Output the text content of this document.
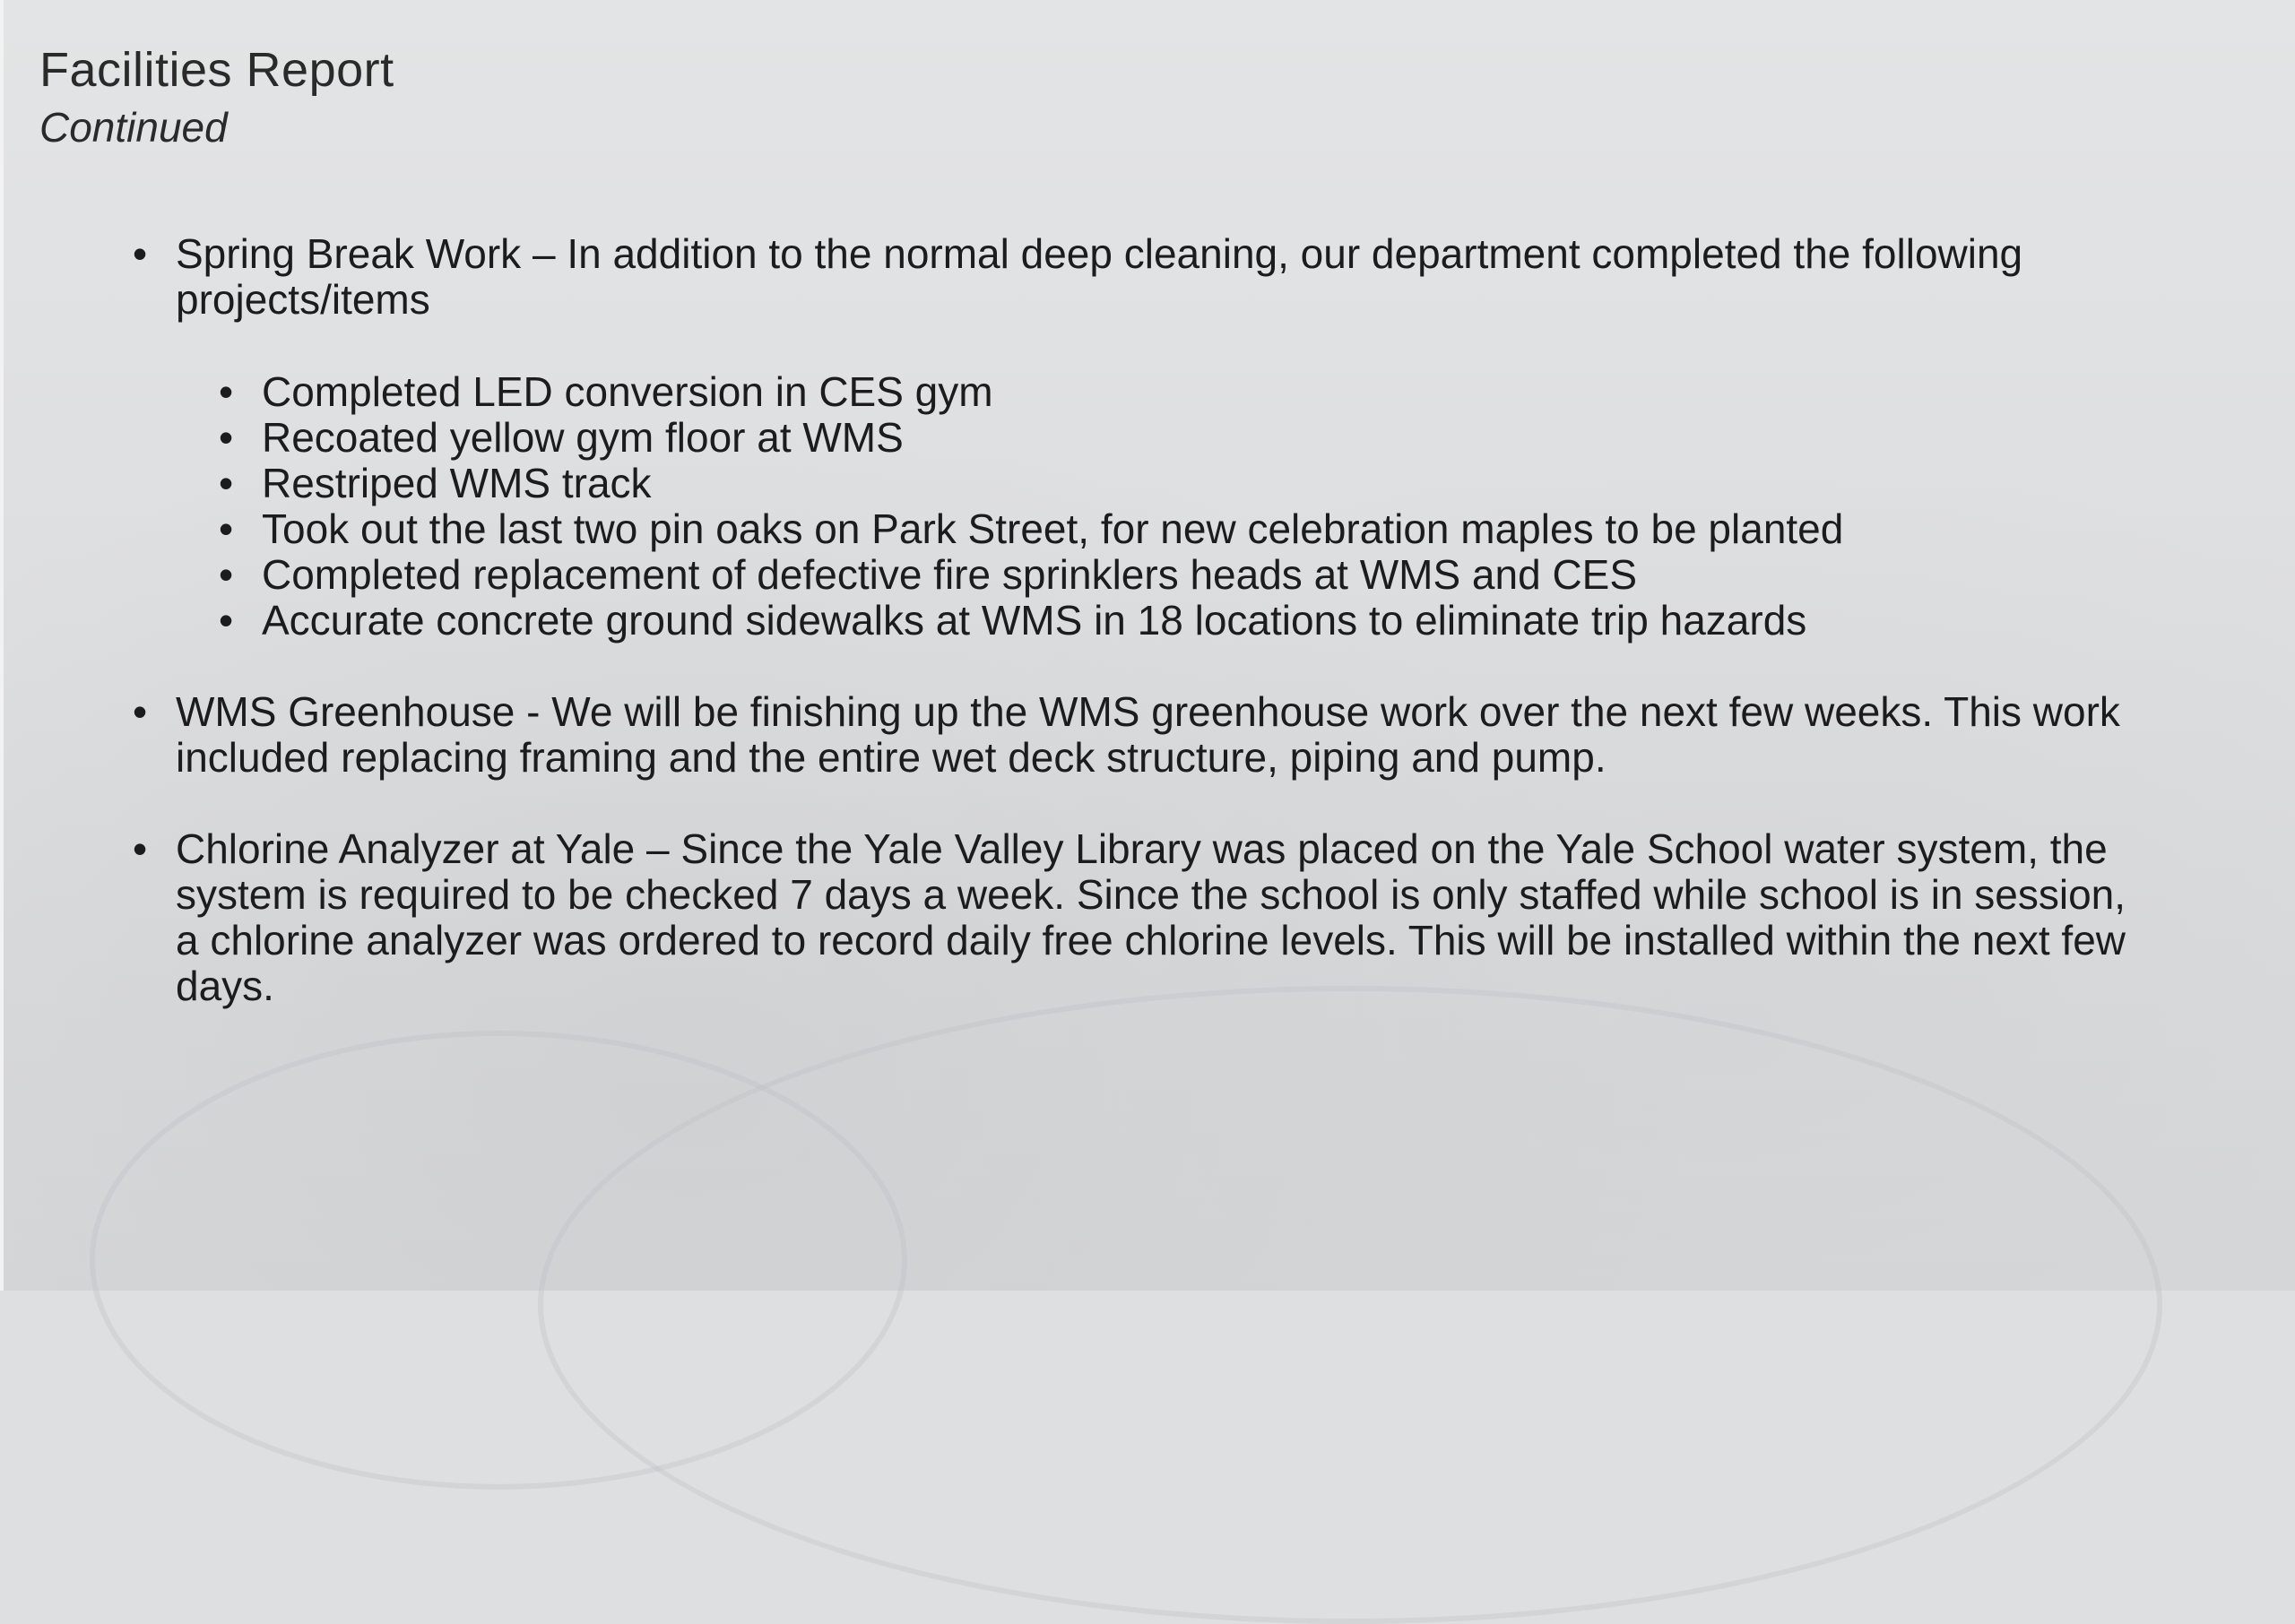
Facilities Report
Continued
• Spring Break Work – In addition to the normal deep cleaning, our department completed the following projects/items
• Completed LED conversion in CES gym
• Recoated yellow gym floor at WMS
• Restriped WMS track
• Took out the last two pin oaks on Park Street, for new celebration maples to be planted
• Completed replacement of defective fire sprinklers heads at WMS and CES
• Accurate concrete ground sidewalks at WMS in 18 locations to eliminate trip hazards
• WMS Greenhouse - We will be finishing up the WMS greenhouse work over the next few weeks. This work included replacing framing and the entire wet deck structure, piping and pump.
• Chlorine Analyzer at Yale – Since the Yale Valley Library was placed on the Yale School water system, the system is required to be checked 7 days a week. Since the school is only staffed while school is in session, a chlorine analyzer was ordered to record daily free chlorine levels. This will be installed within the next few days.
